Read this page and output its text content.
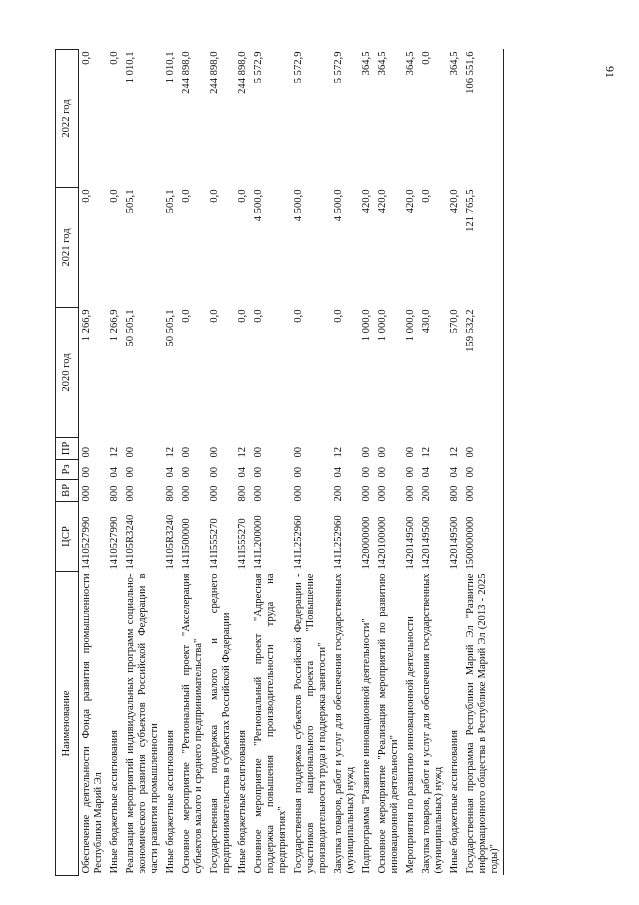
91
Наименование	ЦСР	ВР	Рз	ПР	2020 год	2021 год	2022 год
Обеспечение деятельности Фонда развития промышленности Республики Марий Эл	1410527990	000	00	00	1 266,9	0,0	0,0
Иные бюджетные ассигнования	1410527990	800	04	12	1 266,9	0,0	0,0
Реализация мероприятий индивидуальных программ социально-экономического развития субъектов Российской Федерации в части развития промышленности	14105R3240	000	00	00	50 505,1	505,1	1 010,1
Иные бюджетные ассигнования	14105R3240	800	04	12	50 505,1	505,1	1 010,1
Основное мероприятие "Региональный проект "Акселерация субъектов малого и среднего предпринимательства"	141I500000	000	00	00	0,0	0,0	244 898,0
Государственная поддержка малого и среднего предпринимательства в субъектах Российской Федерации	141I555270	000	00	00	0,0	0,0	244 898,0
Иные бюджетные ассигнования	141I555270	800	04	12	0,0	0,0	244 898,0
Основное мероприятие "Региональный проект "Адресная поддержка повышения производительности труда на предприятиях"	141L200000	000	00	00	0,0	4 500,0	5 572,9
Государственная поддержка субъектов Российской Федерации - участников национального проекта "Повышение производительности труда и поддержка занятости"	141L252960	000	00	00	0,0	4 500,0	5 572,9
Закупка товаров, работ и услуг для обеспечения государственных (муниципальных) нужд	141L252960	200	04	12	0,0	4 500,0	5 572,9
Подпрограмма "Развитие инновационной деятельности"	1420000000	000	00	00	1 000,0	420,0	364,5
Основное мероприятие "Реализация мероприятий по развитию инновационной деятельности"	1420100000	000	00	00	1 000,0	420,0	364,5
Мероприятия по развитию инновационной деятельности	1420149500	000	00	00	1 000,0	420,0	364,5
Закупка товаров, работ и услуг для обеспечения государственных (муниципальных) нужд	1420149500	200	04	12	430,0	0,0	0,0
Иные бюджетные ассигнования	1420149500	800	04	12	570,0	420,0	364,5
Государственная программа Республики Марий Эл "Развитие информационного общества в Республике Марий Эл (2013 - 2025 годы)"	1500000000	000	00	00	159 532,2	121 765,5	106 551,6
